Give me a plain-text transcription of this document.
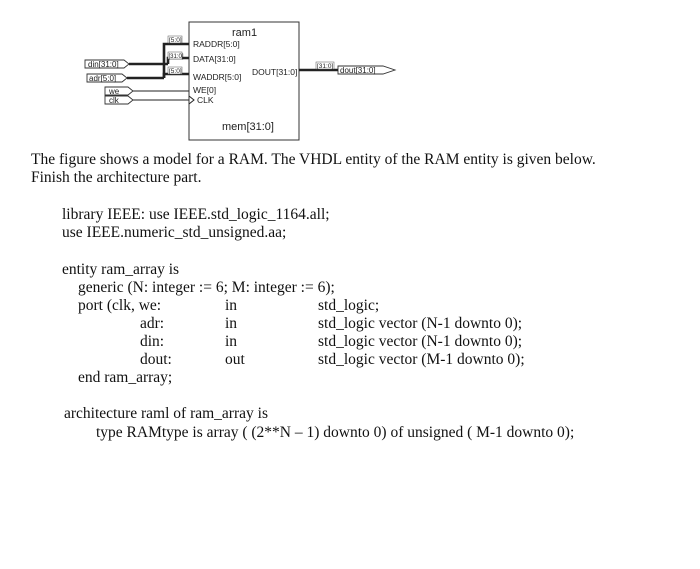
[5:0]
[31:0]
[5:0]
[31:0]
ram1
RADDR[5:0]
DATA[31:0]
WADDR[5:0]
WE[0]
CLK
DOUT[31:0]
mem[31:0]
din[31:0]
adr[5:0]
we
clk
dout[31:0]
The figure shows a model for a RAM. The VHDL entity of the RAM entity is given below.
Finish the architecture part.
library IEEE: use IEEE.std_logic_1164.all;
use IEEE.numeric_std_unsigned.aa;
entity ram_array is
generic (N: integer := 6; M: integer := 6);
port (clk, we:	in	std_logic;
adr:	in	std_logic vector (N-1 downto 0);
din:	in	std_logic vector (N-1 downto 0);
dout:	out	std_logic vector (M-1 downto 0);
end ram_array;
architecture raml of ram_array is
type RAMtype is array ( (2**N – 1) downto 0) of unsigned ( M-1 downto 0);
